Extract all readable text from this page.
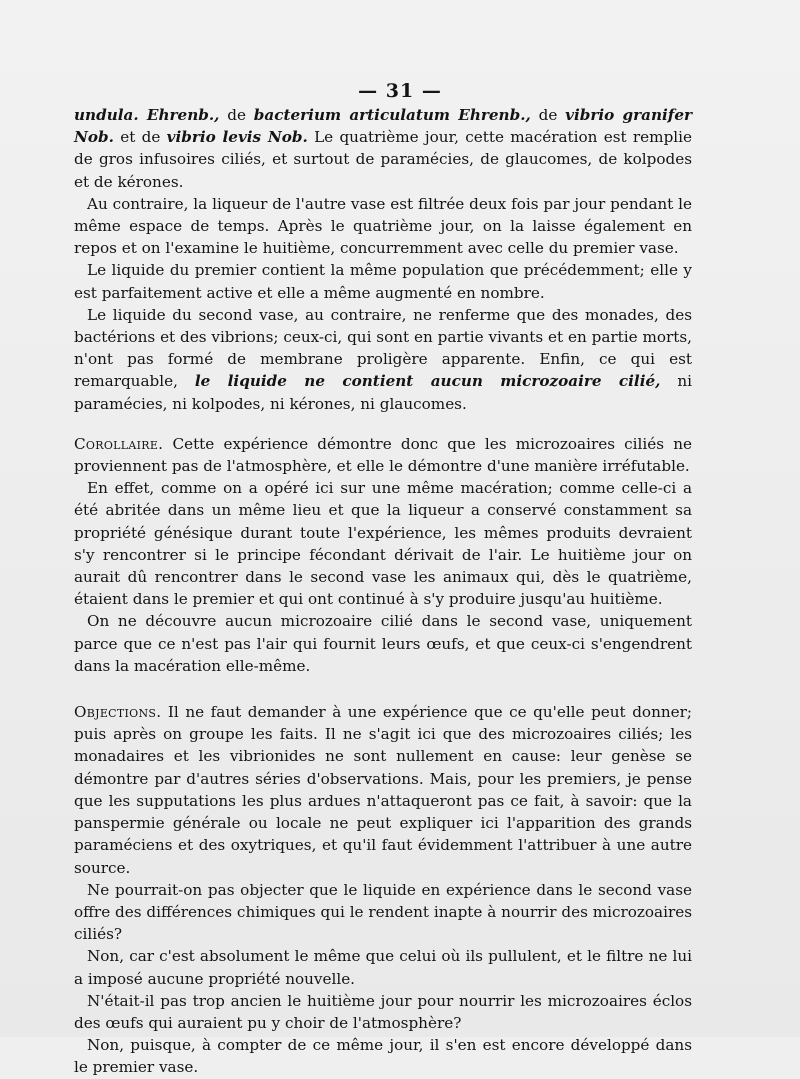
— 31 —

undula. Ehrenb., de bacterium articulatum Ehrenb., de vibrio granifer Nob. et de vibrio levis Nob. Le quatrième jour, cette macération est remplie de gros infusoires ciliés, et surtout de paramécies, de glaucomes, de kolpodes et de kérones.

Au contraire, la liqueur de l'autre vase est filtrée deux fois par jour pendant le même espace de temps. Après le quatrième jour, on la laisse également en repos et on l'examine le huitième, concurremment avec celle du premier vase.

Le liquide du premier contient la même population que précédemment; elle y est parfaitement active et elle a même augmenté en nombre.

Le liquide du second vase, au contraire, ne renferme que des monades, des bactérions et des vibrions; ceux-ci, qui sont en partie vivants et en partie morts, n'ont pas formé de membrane proligère apparente. Enfin, ce qui est remarquable, le liquide ne contient aucun microzoaire cilié, ni paramécies, ni kolpodes, ni kérones, ni glaucomes.

Corollaire. Cette expérience démontre donc que les microzoaires ciliés ne proviennent pas de l'atmosphère, et elle le démontre d'une manière irréfutable.

En effet, comme on a opéré ici sur une même macération; comme celle-ci a été abritée dans un même lieu et que la liqueur a conservé constamment sa propriété génésique durant toute l'expérience, les mêmes produits devraient s'y rencontrer si le principe fécondant dérivait de l'air. Le huitième jour on aurait dû rencontrer dans le second vase les animaux qui, dès le quatrième, étaient dans le premier et qui ont continué à s'y produire jusqu'au huitième.

On ne découvre aucun microzoaire cilié dans le second vase, uniquement parce que ce n'est pas l'air qui fournit leurs œufs, et que ceux-ci s'engendrent dans la macération elle-même.

Objections. Il ne faut demander à une expérience que ce qu'elle peut donner; puis après on groupe les faits. Il ne s'agit ici que des microzoaires ciliés; les monadaires et les vibrionides ne sont nullement en cause: leur genèse se démontre par d'autres séries d'observations. Mais, pour les premiers, je pense que les supputations les plus ardues n'attaqueront pas ce fait, à savoir: que la panspermie générale ou locale ne peut expliquer ici l'apparition des grands paraméciens et des oxytriques, et qu'il faut évidemment l'attribuer à une autre source.

Ne pourrait-on pas objecter que le liquide en expérience dans le second vase offre des différences chimiques qui le rendent inapte à nourrir des microzoaires ciliés?

Non, car c'est absolument le même que celui où ils pullulent, et le filtre ne lui a imposé aucune propriété nouvelle.

N'était-il pas trop ancien le huitième jour pour nourrir les microzoaires éclos des œufs qui auraient pu y choir de l'atmosphère?

Non, puisque, à compter de ce même jour, il s'en est encore développé dans le premier vase.
